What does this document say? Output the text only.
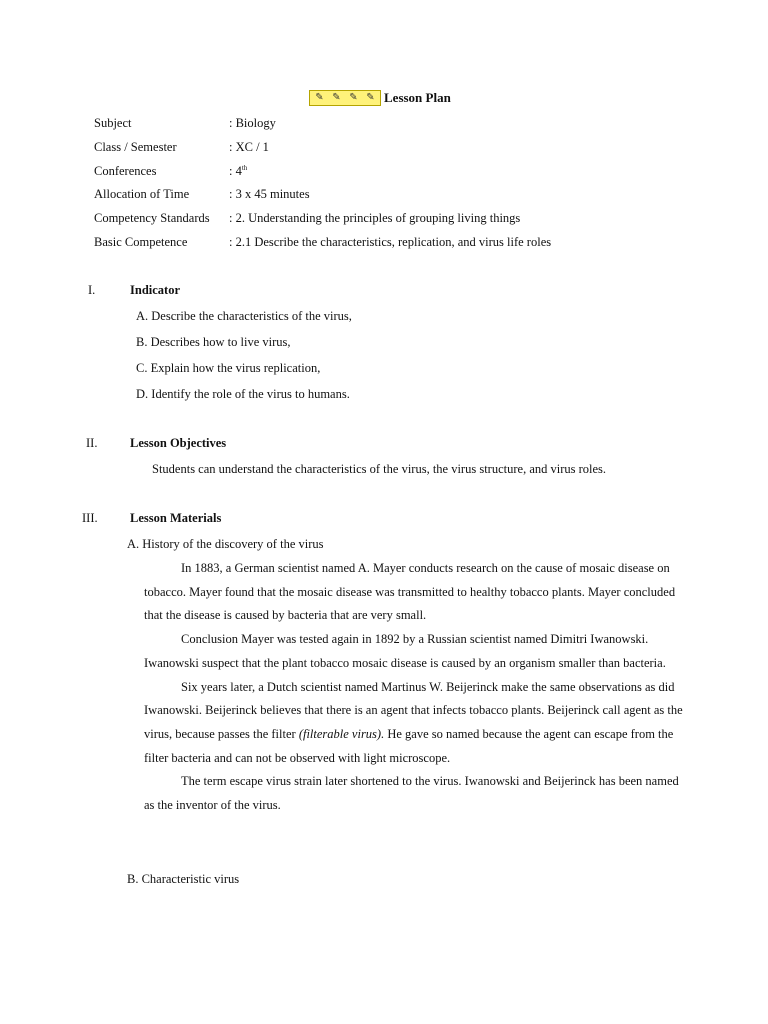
✎ ✎ ✎ ✎ Lesson Plan
Subject	: Biology
Class / Semester	: XC / 1
Conferences	: 4th
Allocation of Time	: 3 x 45 minutes
Competency Standards : 2. Understanding the principles of grouping living things
Basic Competence	: 2.1 Describe the characteristics, replication, and virus life roles
I.	Indicator
A. Describe the characteristics of the virus,
B. Describes how to live virus,
C. Explain how the virus replication,
D. Identify the role of the virus to humans.
II.	Lesson Objectives
Students can understand the characteristics of the virus, the virus structure, and virus roles.
III.	Lesson Materials
A. History of the discovery of the virus
In 1883, a German scientist named A. Mayer conducts research on the cause of mosaic disease on tobacco. Mayer found that the mosaic disease was transmitted to healthy tobacco plants. Mayer concluded that the disease is caused by bacteria that are very small.
Conclusion Mayer was tested again in 1892 by a Russian scientist named Dimitri Iwanowski. Iwanowski suspect that the plant tobacco mosaic disease is caused by an organism smaller than bacteria.
Six years later, a Dutch scientist named Martinus W. Beijerinck make the same observations as did Iwanowski. Beijerinck believes that there is an agent that infects tobacco plants. Beijerinck call agent as the virus, because passes the filter (filterable virus). He gave so named because the agent can escape from the filter bacteria and can not be observed with light microscope.
The term escape virus strain later shortened to the virus. Iwanowski and Beijerinck has been named as the inventor of the virus.
B. Characteristic virus
